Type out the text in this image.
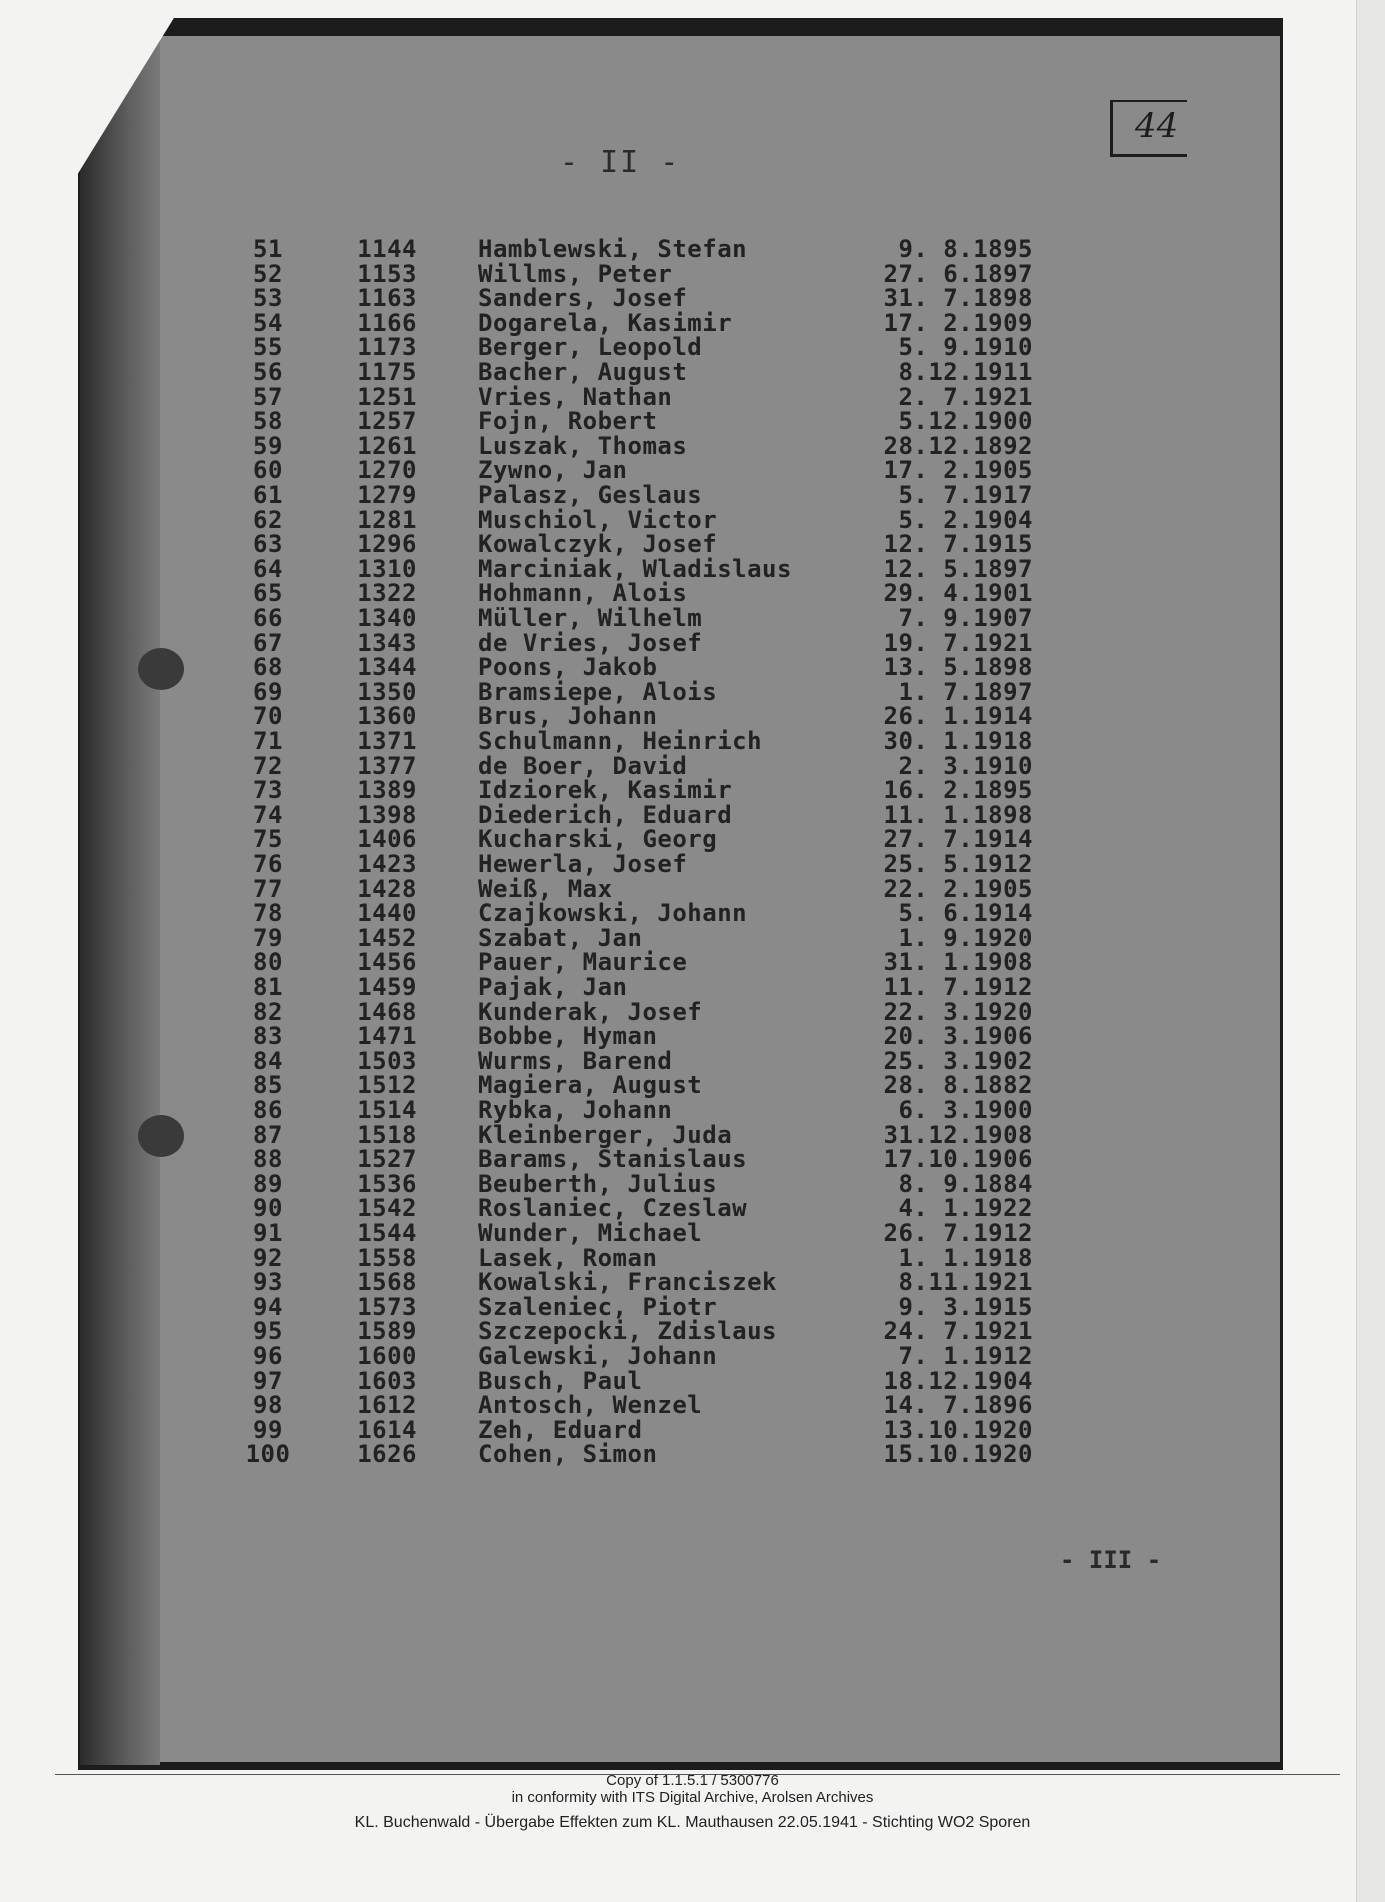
- II -
44
51	1144	Hamblewski, Stefan	9. 8.1895
52	1153	Willms, Peter	27. 6.1897
53	1163	Sanders, Josef	31. 7.1898
54	1166	Dogarela, Kasimir	17. 2.1909
55	1173	Berger, Leopold	5. 9.1910
56	1175	Bacher, August	8.12.1911
57	1251	Vries, Nathan	2. 7.1921
58	1257	Fojn, Robert	5.12.1900
59	1261	Luszak, Thomas	28.12.1892
60	1270	Zywno, Jan	17. 2.1905
61	1279	Palasz, Geslaus	5. 7.1917
62	1281	Muschiol, Victor	5. 2.1904
63	1296	Kowalczyk, Josef	12. 7.1915
64	1310	Marciniak, Wladislaus	12. 5.1897
65	1322	Hohmann, Alois	29. 4.1901
66	1340	Müller, Wilhelm	7. 9.1907
67	1343	de Vries, Josef	19. 7.1921
68	1344	Poons, Jakob	13. 5.1898
69	1350	Bramsiepe, Alois	1. 7.1897
70	1360	Brus, Johann	26. 1.1914
71	1371	Schulmann, Heinrich	30. 1.1918
72	1377	de Boer, David	2. 3.1910
73	1389	Idziorek, Kasimir	16. 2.1895
74	1398	Diederich, Eduard	11. 1.1898
75	1406	Kucharski, Georg	27. 7.1914
76	1423	Hewerla, Josef	25. 5.1912
77	1428	Weiß, Max	22. 2.1905
78	1440	Czajkowski, Johann	5. 6.1914
79	1452	Szabat, Jan	1. 9.1920
80	1456	Pauer, Maurice	31. 1.1908
81	1459	Pajak, Jan	11. 7.1912
82	1468	Kunderak, Josef	22. 3.1920
83	1471	Bobbe, Hyman	20. 3.1906
84	1503	Wurms, Barend	25. 3.1902
85	1512	Magiera, August	28. 8.1882
86	1514	Rybka, Johann	6. 3.1900
87	1518	Kleinberger, Juda	31.12.1908
88	1527	Barams, Stanislaus	17.10.1906
89	1536	Beuberth, Julius	8. 9.1884
90	1542	Roslaniec, Czeslaw	4. 1.1922
91	1544	Wunder, Michael	26. 7.1912
92	1558	Lasek, Roman	1. 1.1918
93	1568	Kowalski, Franciszek	8.11.1921
94	1573	Szaleniec, Piotr	9. 3.1915
95	1589	Szczepocki, Zdislaus	24. 7.1921
96	1600	Galewski, Johann	7. 1.1912
97	1603	Busch, Paul	18.12.1904
98	1612	Antosch, Wenzel	14. 7.1896
99	1614	Zeh, Eduard	13.10.1920
100	1626	Cohen, Simon	15.10.1920
- III -
Copy of 1.1.5.1 / 5300776
in conformity with ITS Digital Archive, Arolsen Archives
KL. Buchenwald - Übergabe Effekten zum KL. Mauthausen 22.05.1941 - Stichting WO2 Sporen
